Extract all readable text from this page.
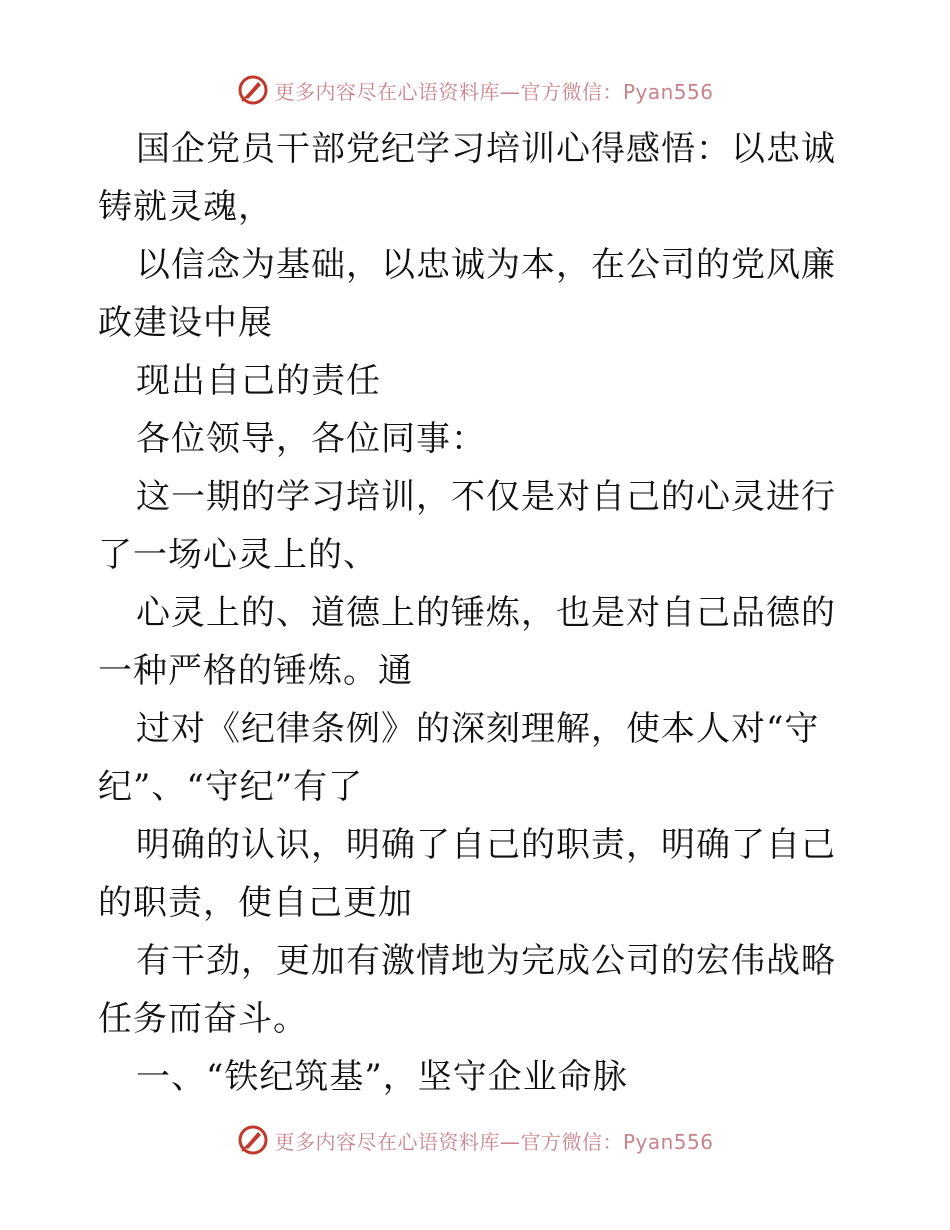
更多内容尽在心语资料库—官方微信：Pyan556

国企党员干部党纪学习培训心得感悟：以忠诚铸就灵魂，

以信念为基础，以忠诚为本，在公司的党风廉政建设中展

现出自己的责任

各位领导，各位同事：

这一期的学习培训，不仅是对自己的心灵进行了一场心灵上的、

心灵上的、道德上的锤炼，也是对自己品德的一种严格的锤炼。通

过对《纪律条例》的深刻理解，使本人对“守纪”、“守纪”有了

明确的认识，明确了自己的职责，明确了自己的职责，使自己更加

有干劲，更加有激情地为完成公司的宏伟战略任务而奋斗。

一、“铁纪筑基”，坚守企业命脉

更多内容尽在心语资料库—官方微信：Pyan556
